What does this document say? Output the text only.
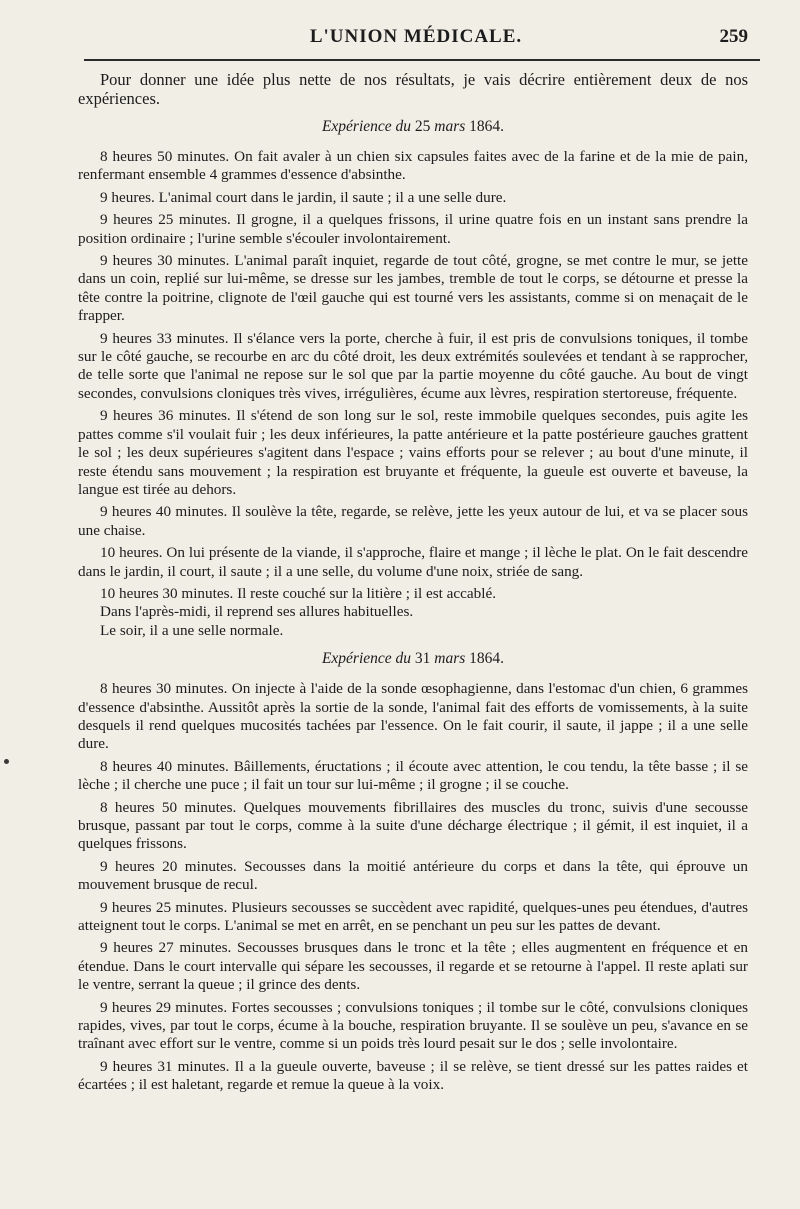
L'UNION MÉDICALE.	259

Pour donner une idée plus nette de nos résultats, je vais décrire entièrement deux de nos expériences.

Expérience du 25 mars 1864.

8 heures 50 minutes. On fait avaler à un chien six capsules faites avec de la farine et de la mie de pain, renfermant ensemble 4 grammes d'essence d'absinthe.

9 heures. L'animal court dans le jardin, il saute ; il a une selle dure.

9 heures 25 minutes. Il grogne, il a quelques frissons, il urine quatre fois en un instant sans prendre la position ordinaire ; l'urine semble s'écouler involontairement.

9 heures 30 minutes. L'animal paraît inquiet, regarde de tout côté, grogne, se met contre le mur, se jette dans un coin, replié sur lui-même, se dresse sur les jambes, tremble de tout le corps, se détourne et presse la tête contre la poitrine, clignote de l'œil gauche qui est tourné vers les assistants, comme si on menaçait de le frapper.

9 heures 33 minutes. Il s'élance vers la porte, cherche à fuir, il est pris de convulsions toniques, il tombe sur le côté gauche, se recourbe en arc du côté droit, les deux extrémités soulevées et tendant à se rapprocher, de telle sorte que l'animal ne repose sur le sol que par la partie moyenne du côté gauche. Au bout de vingt secondes, convulsions cloniques très vives, irrégulières, écume aux lèvres, respiration stertoreuse, fréquente.

9 heures 36 minutes. Il s'étend de son long sur le sol, reste immobile quelques secondes, puis agite les pattes comme s'il voulait fuir ; les deux inférieures, la patte antérieure et la patte postérieure gauches grattent le sol ; les deux supérieures s'agitent dans l'espace ; vains efforts pour se relever ; au bout d'une minute, il reste étendu sans mouvement ; la respiration est bruyante et fréquente, la gueule est ouverte et baveuse, la langue est tirée au dehors.

9 heures 40 minutes. Il soulève la tête, regarde, se relève, jette les yeux autour de lui, et va se placer sous une chaise.

10 heures. On lui présente de la viande, il s'approche, flaire et mange ; il lèche le plat. On le fait descendre dans le jardin, il court, il saute ; il a une selle, du volume d'une noix, striée de sang.

10 heures 30 minutes. Il reste couché sur la litière ; il est accablé.

Dans l'après-midi, il reprend ses allures habituelles.

Le soir, il a une selle normale.

Expérience du 31 mars 1864.

8 heures 30 minutes. On injecte à l'aide de la sonde œsophagienne, dans l'estomac d'un chien, 6 grammes d'essence d'absinthe. Aussitôt après la sortie de la sonde, l'animal fait des efforts de vomissements, à la suite desquels il rend quelques mucosités tachées par l'essence. On le fait courir, il saute, il jappe ; il a une selle dure.

8 heures 40 minutes. Bâillements, éructations ; il écoute avec attention, le cou tendu, la tête basse ; il se lèche ; il cherche une puce ; il fait un tour sur lui-même ; il grogne ; il se couche.

8 heures 50 minutes. Quelques mouvements fibrillaires des muscles du tronc, suivis d'une secousse brusque, passant par tout le corps, comme à la suite d'une décharge électrique ; il gémit, il est inquiet, il a quelques frissons.

9 heures 20 minutes. Secousses dans la moitié antérieure du corps et dans la tête, qui éprouve un mouvement brusque de recul.

9 heures 25 minutes. Plusieurs secousses se succèdent avec rapidité, quelques-unes peu étendues, d'autres atteignent tout le corps. L'animal se met en arrêt, en se penchant un peu sur les pattes de devant.

9 heures 27 minutes. Secousses brusques dans le tronc et la tête ; elles augmentent en fréquence et en étendue. Dans le court intervalle qui sépare les secousses, il regarde et se retourne à l'appel. Il reste aplati sur le ventre, serrant la queue ; il grince des dents.

9 heures 29 minutes. Fortes secousses ; convulsions toniques ; il tombe sur le côté, convulsions cloniques rapides, vives, par tout le corps, écume à la bouche, respiration bruyante. Il se soulève un peu, s'avance en se traînant avec effort sur le ventre, comme si un poids très lourd pesait sur le dos ; selle involontaire.

9 heures 31 minutes. Il a la gueule ouverte, baveuse ; il se relève, se tient dressé sur les pattes raides et écartées ; il est haletant, regarde et remue la queue à la voix.
